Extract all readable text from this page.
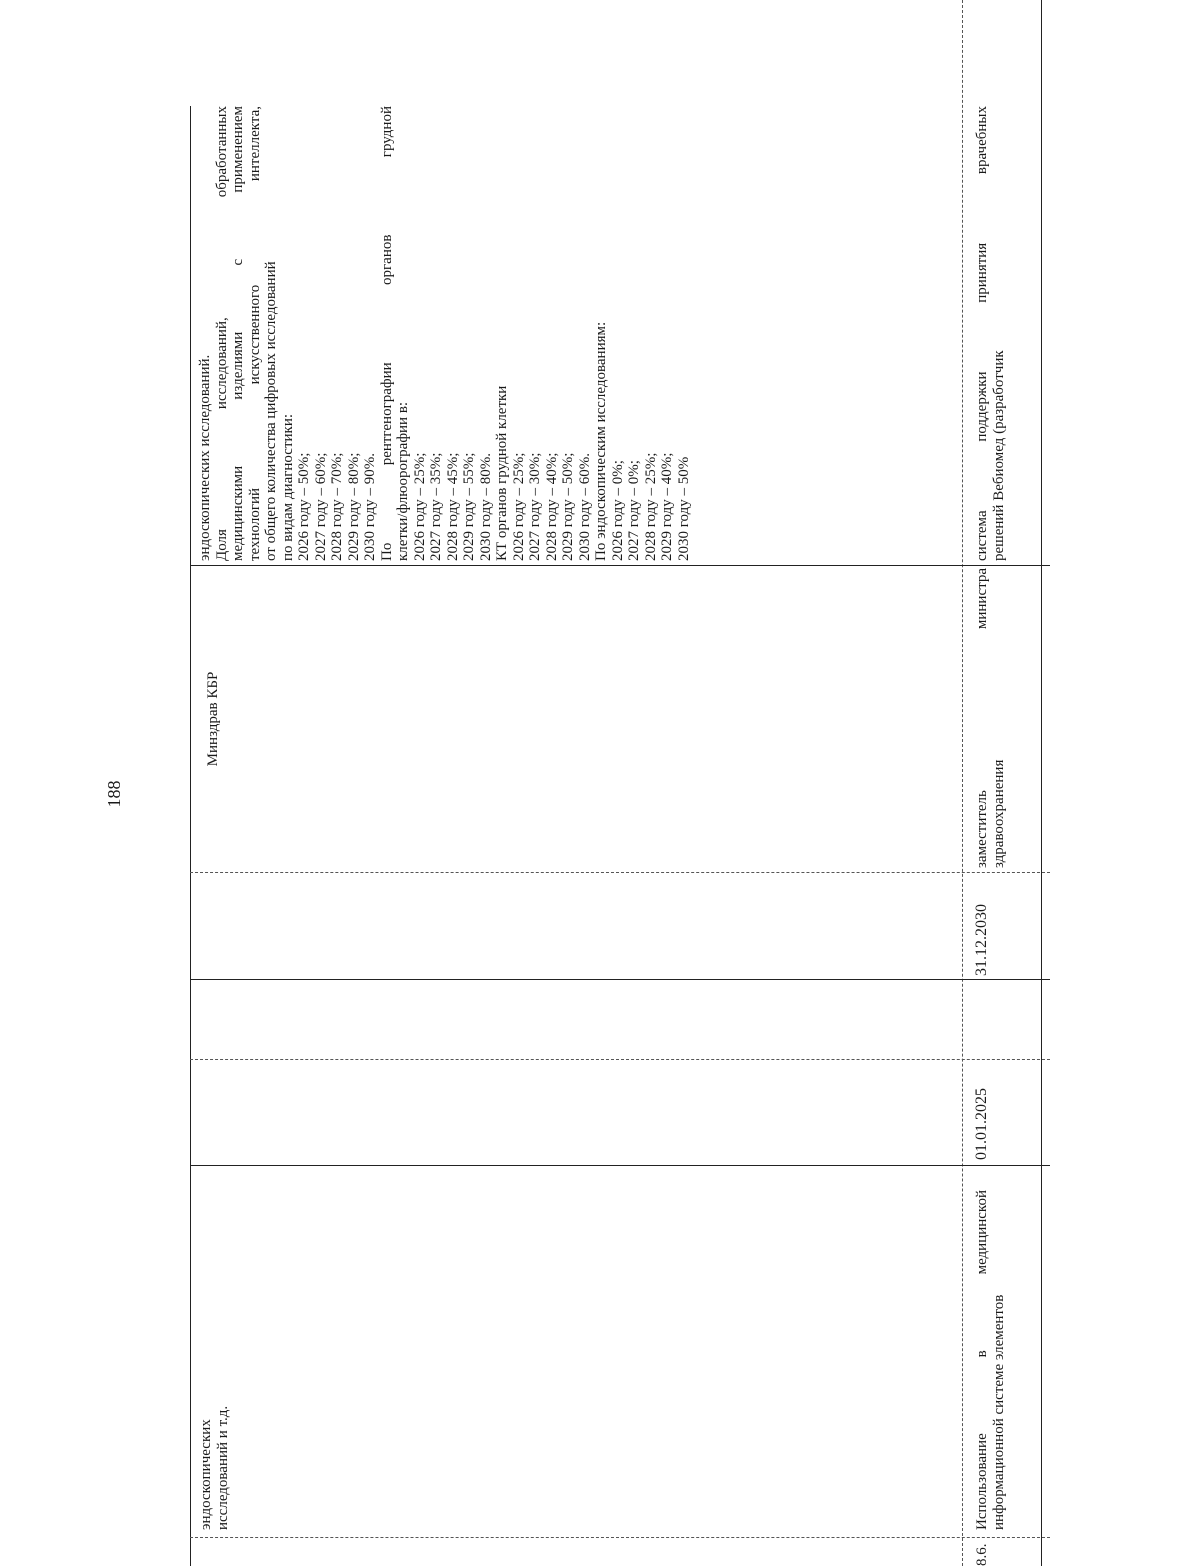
188
эндоскопических исследований и т.д.
Минздрав КБР
эндоскопических исследований. Доля исследований, обработанных медицинскими изделиями с применением технологий искусственного интеллекта, от общего количества цифровых исследований по видам диагностики: 2026 году – 50%; 2027 году – 60%; 2028 году – 70%; 2029 году – 80%; 2030 году – 90%. По рентгенографии органов грудной клетки/флюорографии в: 2026 году – 25%; 2027 году – 35%; 2028 году – 45%; 2029 году – 55%; 2030 году – 80%. КТ органов грудной клетки 2026 году – 25%; 2027 году – 30%; 2028 году – 40%; 2029 году – 50%; 2030 году – 60%. По эндоскопическим исследованиям: 2026 году – 0%; 2027 году – 0%; 2028 году – 25%; 2029 году – 40%; 2030 году – 50%
8.6.
Использование в медицинской информационной системе элементов
01.01.2025
31.12.2030
заместитель министра здравоохранения
система поддержки принятия врачебных решений Вебиомед (разработчик
